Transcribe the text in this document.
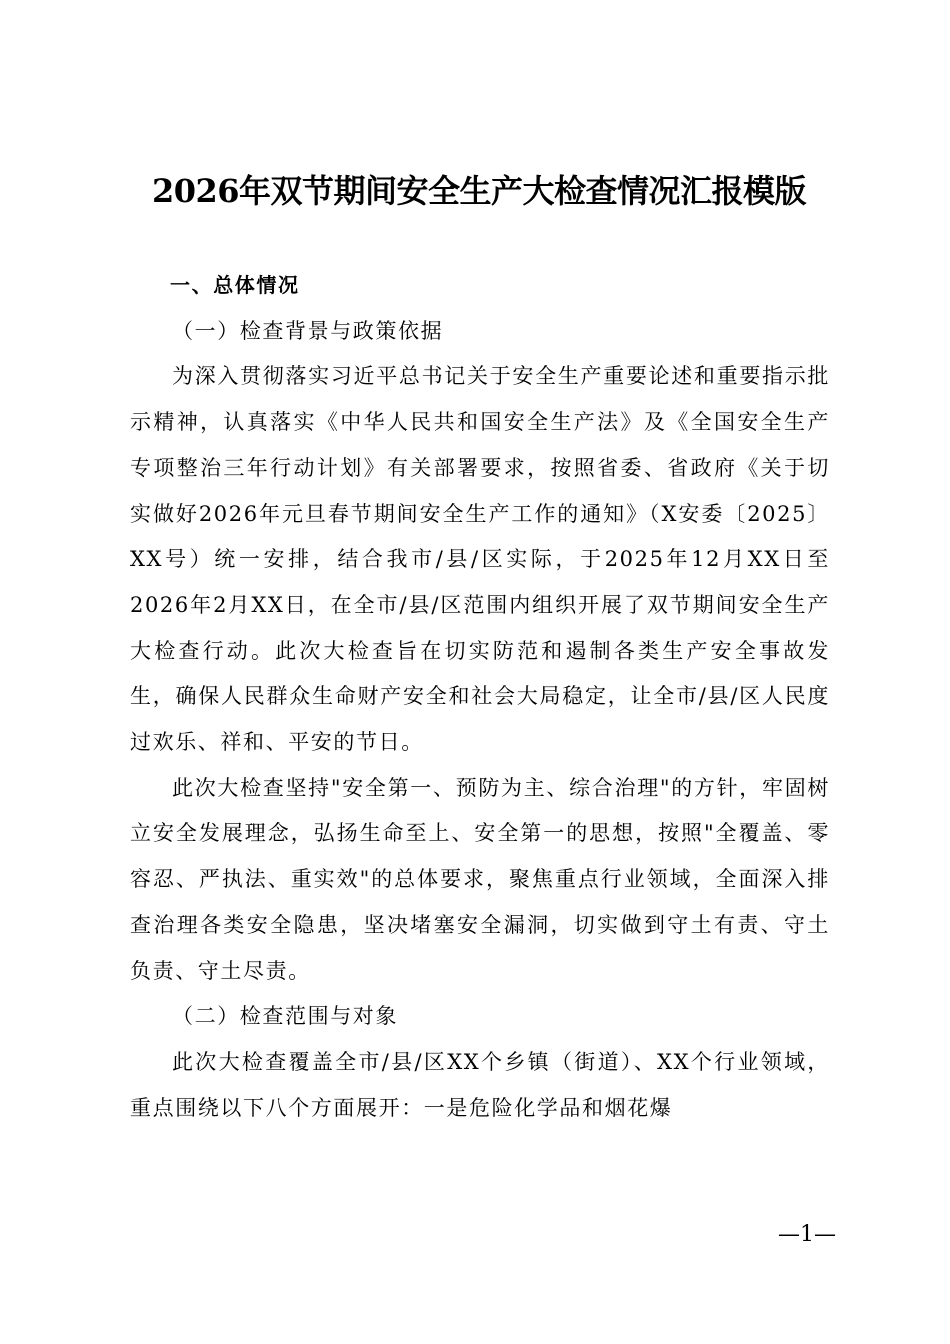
2026年双节期间安全生产大检查情况汇报模版

一、总体情况

（一）检查背景与政策依据

为深入贯彻落实习近平总书记关于安全生产重要论述和重要指示批示精神，认真落实《中华人民共和国安全生产法》及《全国安全生产专项整治三年行动计划》有关部署要求，按照省委、省政府《关于切实做好2026年元旦春节期间安全生产工作的通知》（X安委〔2025〕XX号）统一安排，结合我市/县/区实际，于2025年12月XX日至2026年2月XX日，在全市/县/区范围内组织开展了双节期间安全生产大检查行动。此次大检查旨在切实防范和遏制各类生产安全事故发生，确保人民群众生命财产安全和社会大局稳定，让全市/县/区人民度过欢乐、祥和、平安的节日。

此次大检查坚持"安全第一、预防为主、综合治理"的方针，牢固树立安全发展理念，弘扬生命至上、安全第一的思想，按照"全覆盖、零容忍、严执法、重实效"的总体要求，聚焦重点行业领域，全面深入排查治理各类安全隐患，坚决堵塞安全漏洞，切实做到守土有责、守土负责、守土尽责。

（二）检查范围与对象

此次大检查覆盖全市/县/区XX个乡镇（街道）、XX个行业领域，重点围绕以下八个方面展开：一是危险化学品和烟花爆

—1—
